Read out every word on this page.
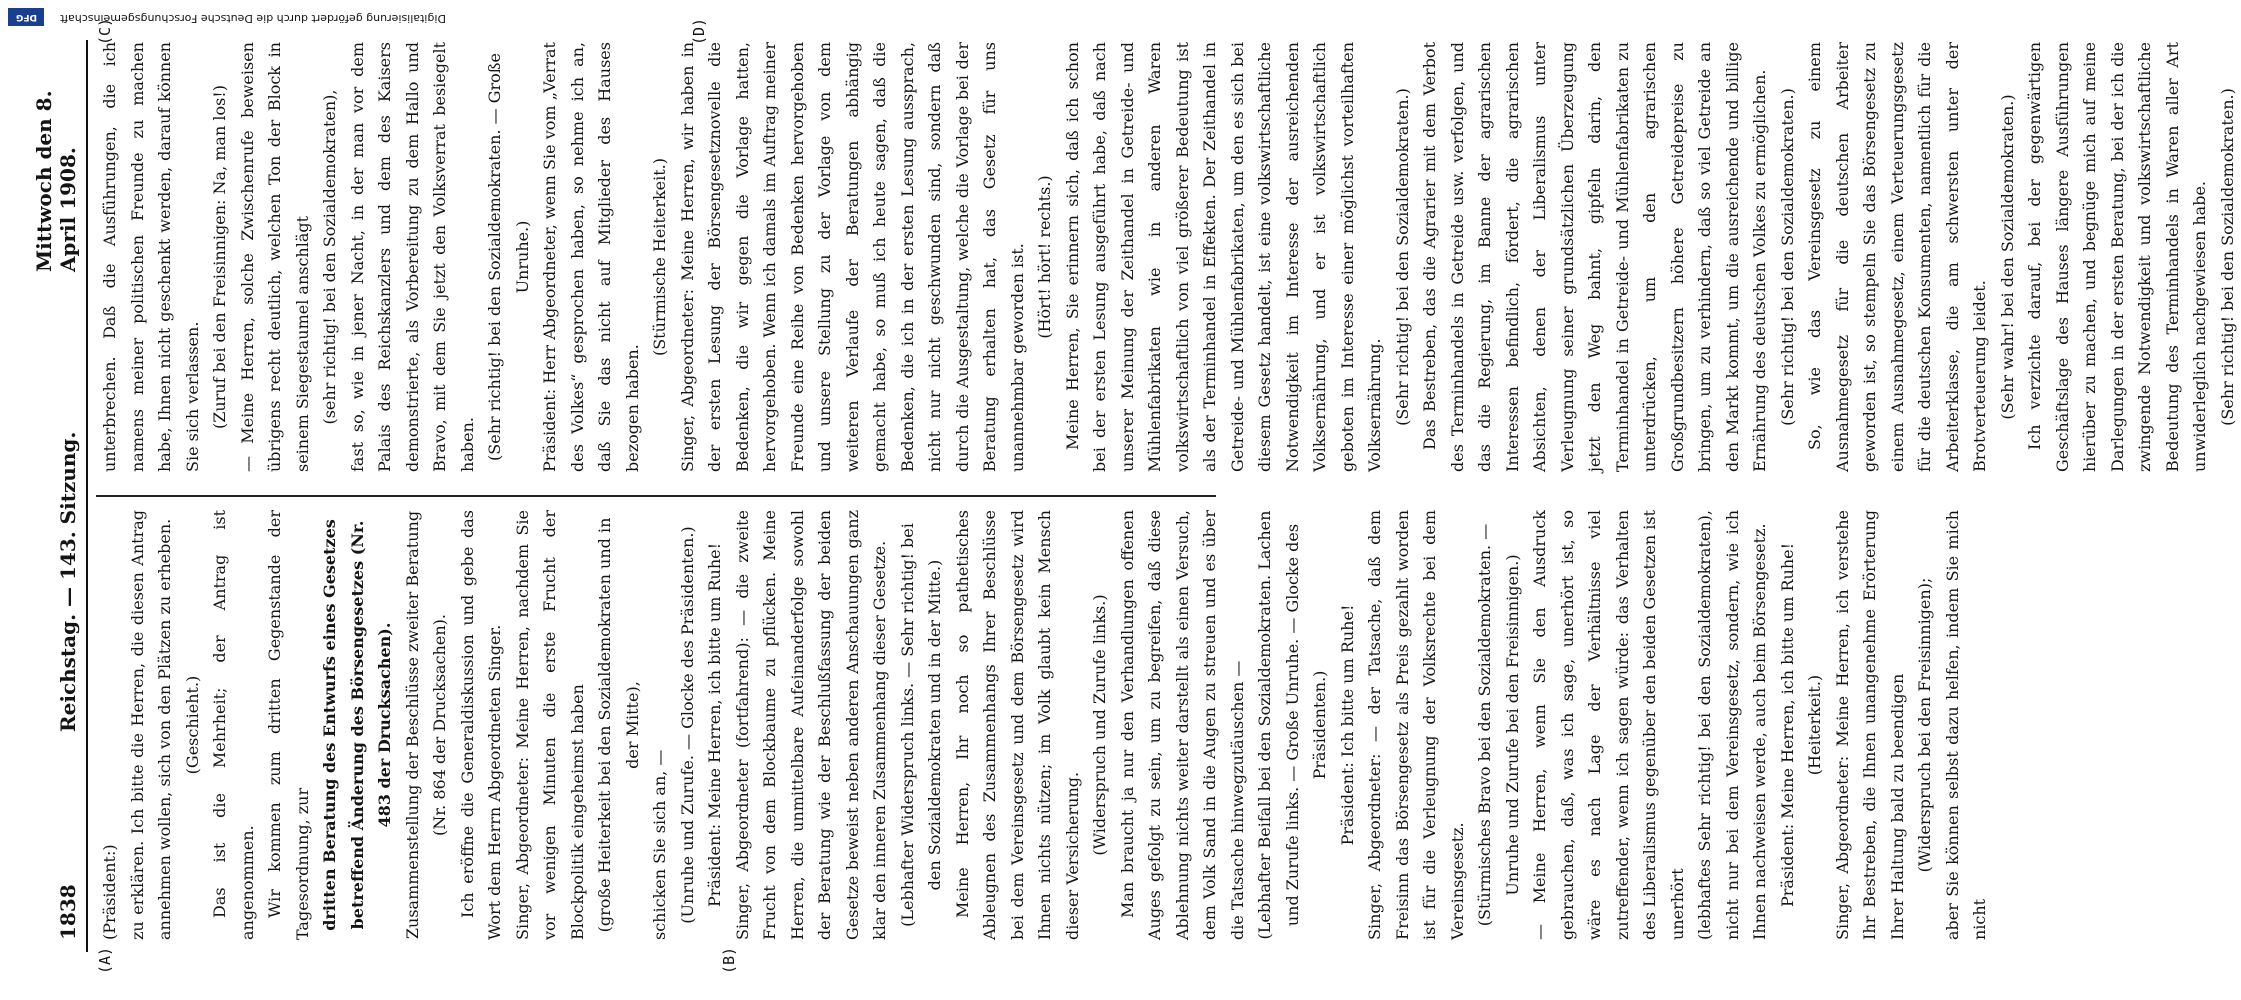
1838
Reichstag. — 143. Sitzung.
Mittwoch den 8. April 1908.
(A)	(B)
(C)	(D)

(Präsident:) zu erklären. Ich bitte die Herren, die diesen Antrag annehmen wollen, sich von den Plätzen zu erheben. (Geschieht.) Das ist die Mehrheit; der Antrag ist angenommen. Wir kommen zum dritten Gegenstande der Tagesordnung, zur dritten Beratung des Entwurfs eines Gesetzes betreffend Änderung des Börsengesetzes (Nr. 483 der Drucksachen). Zusammenstellung der Beschlüsse zweiter Beratung (Nr. 864 der Drucksachen). Ich eröffne die Generaldiskussion und gebe das Wort dem Herrn Abgeordneten Singer. Singer, Abgeordneter: Meine Herren, nachdem Sie vor wenigen Minuten die erste Frucht der Blockpolitik eingeheimst haben (große Heiterkeit bei den Sozialdemokraten und in der Mitte),

schicken Sie sich an, — (Unruhe und Zurufe. — Glocke des Präsidenten.) Präsident: Meine Herren, ich bitte um Ruhe! Singer, Abgeordneter (fortfahrend): — die zweite Frucht von dem Blockbaume zu pflücken. Meine Herren, die unmittelbare Aufeinanderfolge sowohl der Beratung wie der Beschlußfassung der beiden Gesetze beweist neben anderen Anschauungen ganz klar den inneren Zusammenhang dieser Gesetze. (Lebhafter Widerspruch links. — Sehr richtig! bei den Sozialdemokraten und in der Mitte.) Meine Herren, Ihr noch so pathetisches Ableugnen des Zusammenhangs Ihrer Beschlüsse bei dem Vereinsgesetz und dem Börsengesetz wird Ihnen nichts nützen; im Volk glaubt kein Mensch dieser Versicherung.

(Widerspruch und Zurufe links.) Man braucht ja nur den Verhandlungen offenen Auges gefolgt zu sein, um zu begreifen, daß diese Ablehnung nichts weiter darstellt als einen Versuch, dem Volk Sand in die Augen zu streuen und es über die Tatsache hinwegzutäuschen — (Lebhafter Beifall bei den Sozialdemokraten. Lachen und Zurufe links. — Große Unruhe. — Glocke des Präsidenten.) Präsident: Ich bitte um Ruhe! Singer, Abgeordneter: — der Tatsache, daß dem Freisinn das Börsengesetz als Preis gezahlt worden ist für die Verleugnung der Volksrechte bei dem Vereinsgesetz. (Stürmisches Bravo bei den Sozialdemokraten. — Unruhe und Zurufe bei den Freisinnigen.) — Meine Herren, wenn Sie den Ausdruck gebrauchen, daß, was ich sage, unerhört ist, so wäre es nach Lage der Verhältnisse viel zutreffender, wenn ich sagen würde: das Verhalten des Liberalismus gegenüber den beiden Gesetzen ist unerhört (lebhaftes Sehr richtig! bei den Sozialdemokraten), nicht nur bei dem Vereinsgesetz, sondern, wie ich Ihnen nachweisen werde, auch beim Börsengesetz. Präsident: Meine Herren, ich bitte um Ruhe! (Heiterkeit.) Singer, Abgeordneter: Meine Herren, ich verstehe Ihr Bestreben, die Ihnen unangenehme Erörterung Ihrer Haltung bald zu beendigen (Widerspruch bei den Freisinnigen); aber Sie können selbst dazu helfen, indem Sie mich nicht

unterbrechen. Daß die Ausführungen, die ich namens meiner politischen Freunde zu machen habe, Ihnen nicht geschenkt werden, darauf können Sie sich verlassen. (Zuruf bei den Freisinnigen: Na, man los!) — Meine Herren, solche Zwischenrufe beweisen übrigens recht deutlich, welchen Ton der Block in seinem Siegestaumel anschlägt (sehr richtig! bei den Sozialdemokraten), fast so, wie in jener Nacht, in der man vor dem Palais des Reichskanzlers und dem des Kaisers demonstrierte, als Vorbereitung zu dem Hallo und Bravo, mit dem Sie jetzt den Volksverrat besiegelt haben. (Sehr richtig! bei den Sozialdemokraten. — Große Unruhe.) Präsident: Herr Abgeordneter, wenn Sie vom „Verrat des Volkes“ gesprochen haben, so nehme ich an, daß Sie das nicht auf Mitglieder des Hauses bezogen haben.

(Stürmische Heiterkeit.) Singer, Abgeordneter: Meine Herren, wir haben in der ersten Lesung der Börsengesetznovelle die Bedenken, die wir gegen die Vorlage hatten, hervorgehoben. Wenn ich damals im Auftrag meiner Freunde eine Reihe von Bedenken hervorgehoben und unsere Stellung zu der Vorlage von dem weiteren Verlaufe der Beratungen abhängig gemacht habe, so muß ich heute sagen, daß die Bedenken, die ich in der ersten Lesung aussprach, nicht nur nicht geschwunden sind, sondern daß durch die Ausgestaltung, welche die Vorlage bei der Beratung erhalten hat, das Gesetz für uns unannehmbar geworden ist. (Hört! hört! rechts.) Meine Herren, Sie erinnern sich, daß ich schon bei der ersten Lesung ausgeführt habe, daß nach unserer Meinung der Zeithandel in Getreide- und Mühlenfabrikaten wie in anderen Waren volkswirtschaftlich von viel größerer Bedeutung ist als der Terminhandel in Effekten. Der Zeithandel in Getreide- und Mühlenfabrikaten, um den es sich bei diesem Gesetz handelt, ist eine volkswirtschaftliche Notwendigkeit im Interesse der ausreichenden Volksernährung, und er ist volkswirtschaftlich geboten im Interesse einer möglichst vorteilhaften Volksernährung. (Sehr richtig! bei den Sozialdemokraten.) Das Bestreben, das die Agrarier mit dem Verbot des Terminhandels in Getreide usw. verfolgen, und das die Regierung, im Banne der agrarischen Interessen befindlich, fördert, die agrarischen Absichten, denen der Liberalismus unter Verleugnung seiner grundsätzlichen Überzeugung jetzt den Weg bahnt, gipfeln darin, den Terminhandel in Getreide- und Mühlenfabrikaten zu unterdrücken, um den agrarischen Großgrundbesitzern höhere Getreidepreise zu bringen, um zu verhindern, daß so viel Getreide an den Markt kommt, um die ausreichende und billige Ernährung des deutschen Volkes zu ermöglichen. (Sehr richtig! bei den Sozialdemokraten.) So, wie das Vereinsgesetz zu einem Ausnahmegesetz für die deutschen Arbeiter geworden ist, so stempeln Sie das Börsengesetz zu einem Ausnahmegesetz, einem Verteuerungsgesetz für die deutschen Konsumenten, namentlich für die Arbeiterklasse, die am schwersten unter der Brotverteuerung leidet. (Sehr wahr! bei den Sozialdemokraten.) Ich verzichte darauf, bei der gegenwärtigen Geschäftslage des Hauses längere Ausführungen hierüber zu machen, und begnüge mich auf meine Darlegungen in der ersten Beratung, bei der ich die zwingende Notwendigkeit und volkswirtschaftliche Bedeutung des Terminhandels in Waren aller Art unwiderleglich nachgewiesen habe. (Sehr richtig! bei den Sozialdemokraten.)

Digitalisierung gefördert durch die Deutsche Forschungsgemeinschaft
DFG
